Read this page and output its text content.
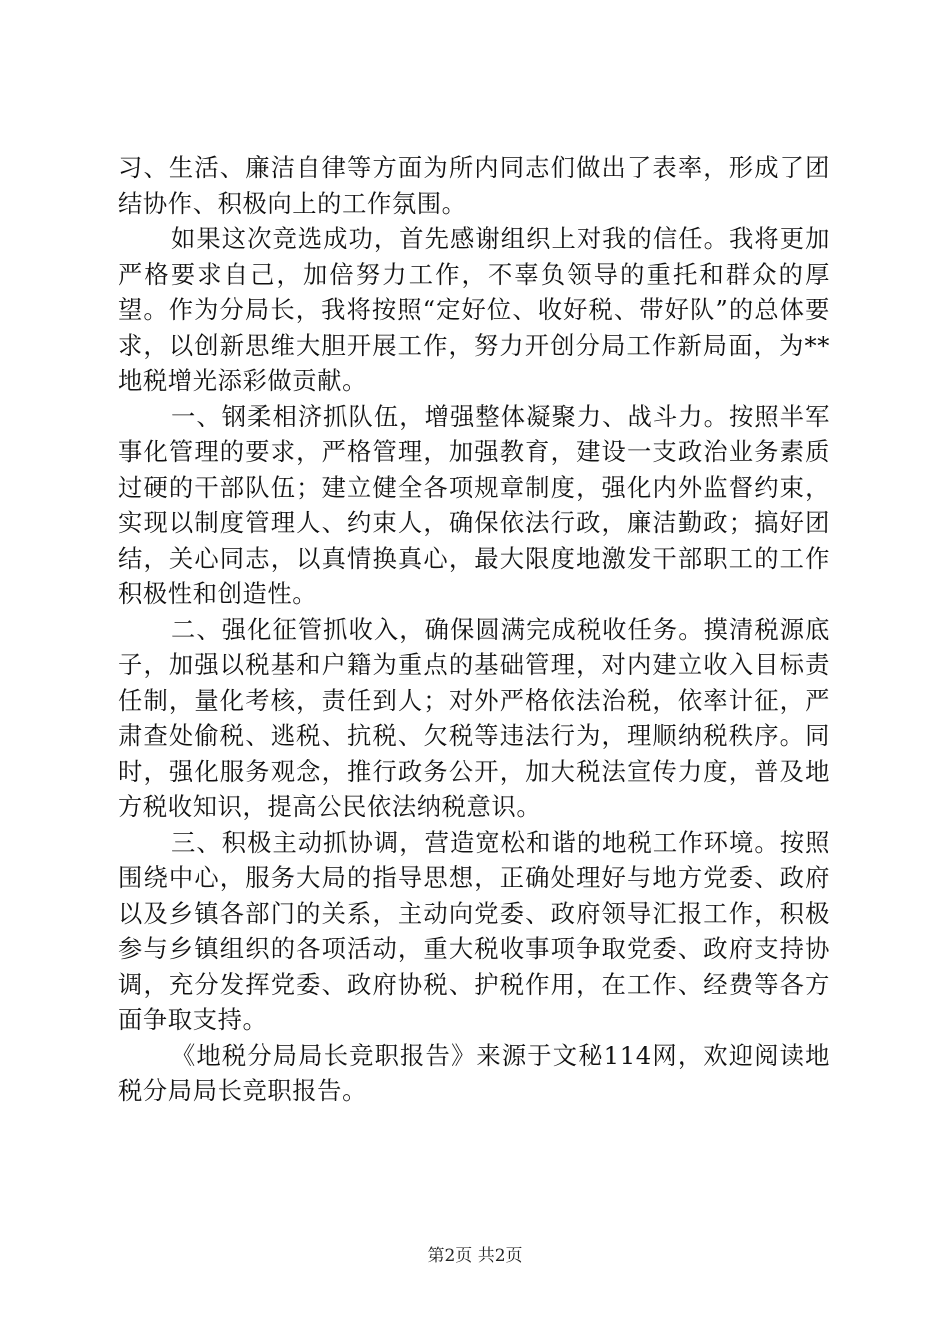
习、生活、廉洁自律等方面为所内同志们做出了表率，形成了团结协作、积极向上的工作氛围。

如果这次竞选成功，首先感谢组织上对我的信任。我将更加严格要求自己，加倍努力工作，不辜负领导的重托和群众的厚望。作为分局长，我将按照“定好位、收好税、带好队”的总体要求，以创新思维大胆开展工作，努力开创分局工作新局面，为**地税增光添彩做贡献。

一、钢柔相济抓队伍，增强整体凝聚力、战斗力。按照半军事化管理的要求，严格管理，加强教育，建设一支政治业务素质过硬的干部队伍；建立健全各项规章制度，强化内外监督约束，实现以制度管理人、约束人，确保依法行政，廉洁勤政；搞好团结，关心同志，以真情换真心，最大限度地激发干部职工的工作积极性和创造性。

二、强化征管抓收入，确保圆满完成税收任务。摸清税源底子，加强以税基和户籍为重点的基础管理，对内建立收入目标责任制，量化考核，责任到人；对外严格依法治税，依率计征，严肃查处偷税、逃税、抗税、欠税等违法行为，理顺纳税秩序。同时，强化服务观念，推行政务公开，加大税法宣传力度，普及地方税收知识，提高公民依法纳税意识。

三、积极主动抓协调，营造宽松和谐的地税工作环境。按照围绕中心，服务大局的指导思想，正确处理好与地方党委、政府以及乡镇各部门的关系，主动向党委、政府领导汇报工作，积极参与乡镇组织的各项活动，重大税收事项争取党委、政府支持协调，充分发挥党委、政府协税、护税作用，在工作、经费等各方面争取支持。

《地税分局局长竞职报告》来源于文秘114网，欢迎阅读地税分局局长竞职报告。

第2页 共2页
